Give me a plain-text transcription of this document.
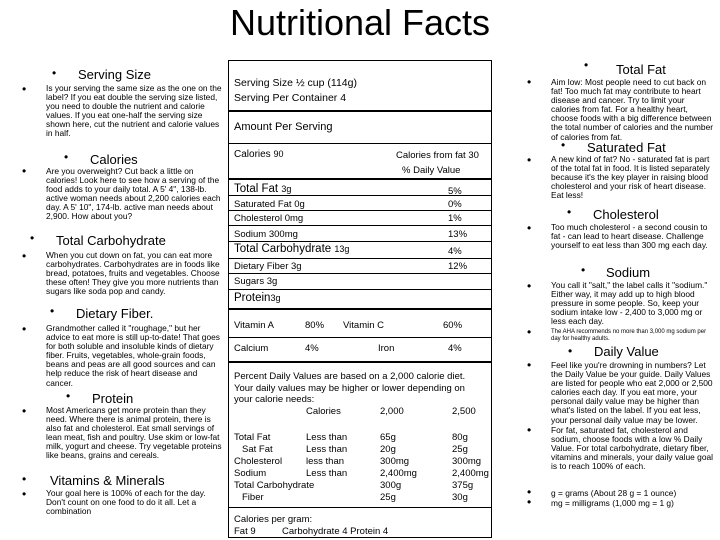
Nutritional Facts
• Serving Size
• Is your serving the same size as the one on the label? If you eat double the serving size listed, you need to double the nutrient and calorie values. If you eat one-half the serving size shown here, cut the nutrient and calorie values in half.
• Calories
• Are you overweight? Cut back a little on calories! Look here to see how a serving of the food adds to your daily total. A 5' 4", 138-lb. active woman needs about 2,200 calories each day. A 5' 10", 174-lb. active man needs about 2,900. How about you?
• Total Carbohydrate
• When you cut down on fat, you can eat more carbohydrates. Carbohydrates are in foods like bread, potatoes, fruits and vegetables. Choose these often! They give you more nutrients than sugars like soda pop and candy.
• Dietary Fiber.
• Grandmother called it "roughage," but her advice to eat more is still up-to-date! That goes for both soluble and insoluble kinds of dietary fiber. Fruits, vegetables, whole-grain foods, beans and peas are all good sources and can help reduce the risk of heart disease and cancer.
• Protein
• Most Americans get more protein than they need. Where there is animal protein, there is also fat and cholesterol. Eat small servings of lean meat, fish and poultry. Use skim or low-fat milk, yogurt and cheese. Try vegetable proteins like beans, grains and cereals.
• Vitamins & Minerals
• Your goal here is 100% of each for the day. Don't count on one food to do it all. Let a combination
Serving Size ½ cup (114g)
Serving Per Container 4
Amount Per Serving
Calories 90	Calories from fat 30
% Daily Value
Total Fat 3g	5%
Saturated Fat 0g	0%
Cholesterol 0mg	1%
Sodium 300mg	13%
Total Carbohydrate 13g	4%
Dietary Fiber 3g	12%
Sugars 3g
Protein3g
Vitamin A	80% Vitamin C	60%
Calcium	4%	Iron	4%
Percent Daily Values are based on a 2,000 calorie diet. Your daily values may be higher or lower depending on your calorie needs:
Calories	2,000	2,500
Total Fat	Less than	65g	80g
Sat Fat	Less than	20g	25g
Cholesterol	less than	300mg	300mg
Sodium	Less than	2,400mg	2,400mg
Total Carbohydrate	300g	375g
Fiber	25g	30g
Calories per gram:
Fat 9          Carbohydrate 4 Protein 4
• Total Fat
• Aim low: Most people need to cut back on fat! Too much fat may contribute to heart disease and cancer. Try to limit your calories from fat. For a healthy heart, choose foods with a big difference between the total number of calories and the number of calories from fat.
• Saturated Fat
• A new kind of fat? No - saturated fat is part of the total fat in food. It is listed separately because it's the key player in raising blood cholesterol and your risk of heart disease. Eat less!
• Cholesterol
• Too much cholesterol - a second cousin to fat - can lead to heart disease. Challenge yourself to eat less than 300 mg each day.
• Sodium
• You call it "salt," the label calls it "sodium." Either way, it may add up to high blood pressure in some people. So, keep your sodium intake low - 2,400 to 3,000 mg or less each day.
•	The AHA recommends no more than 3,000 mg sodium per day for healthy adults.
• Daily Value
• Feel like you're drowning in numbers? Let the Daily Value be your guide. Daily Values are listed for people who eat 2,000 or 2,500 calories each day. If you eat more, your personal daily value may be higher than what's listed on the label. If you eat less, your personal daily value may be lower.
• For fat, saturated fat, cholesterol and sodium, choose foods with a low % Daily Value. For total carbohydrate, dietary fiber, vitamins and minerals, your daily value goal is to reach 100% of each.
• g = grams (About 28 g = 1 ounce)
• mg = milligrams (1,000 mg = 1 g)
